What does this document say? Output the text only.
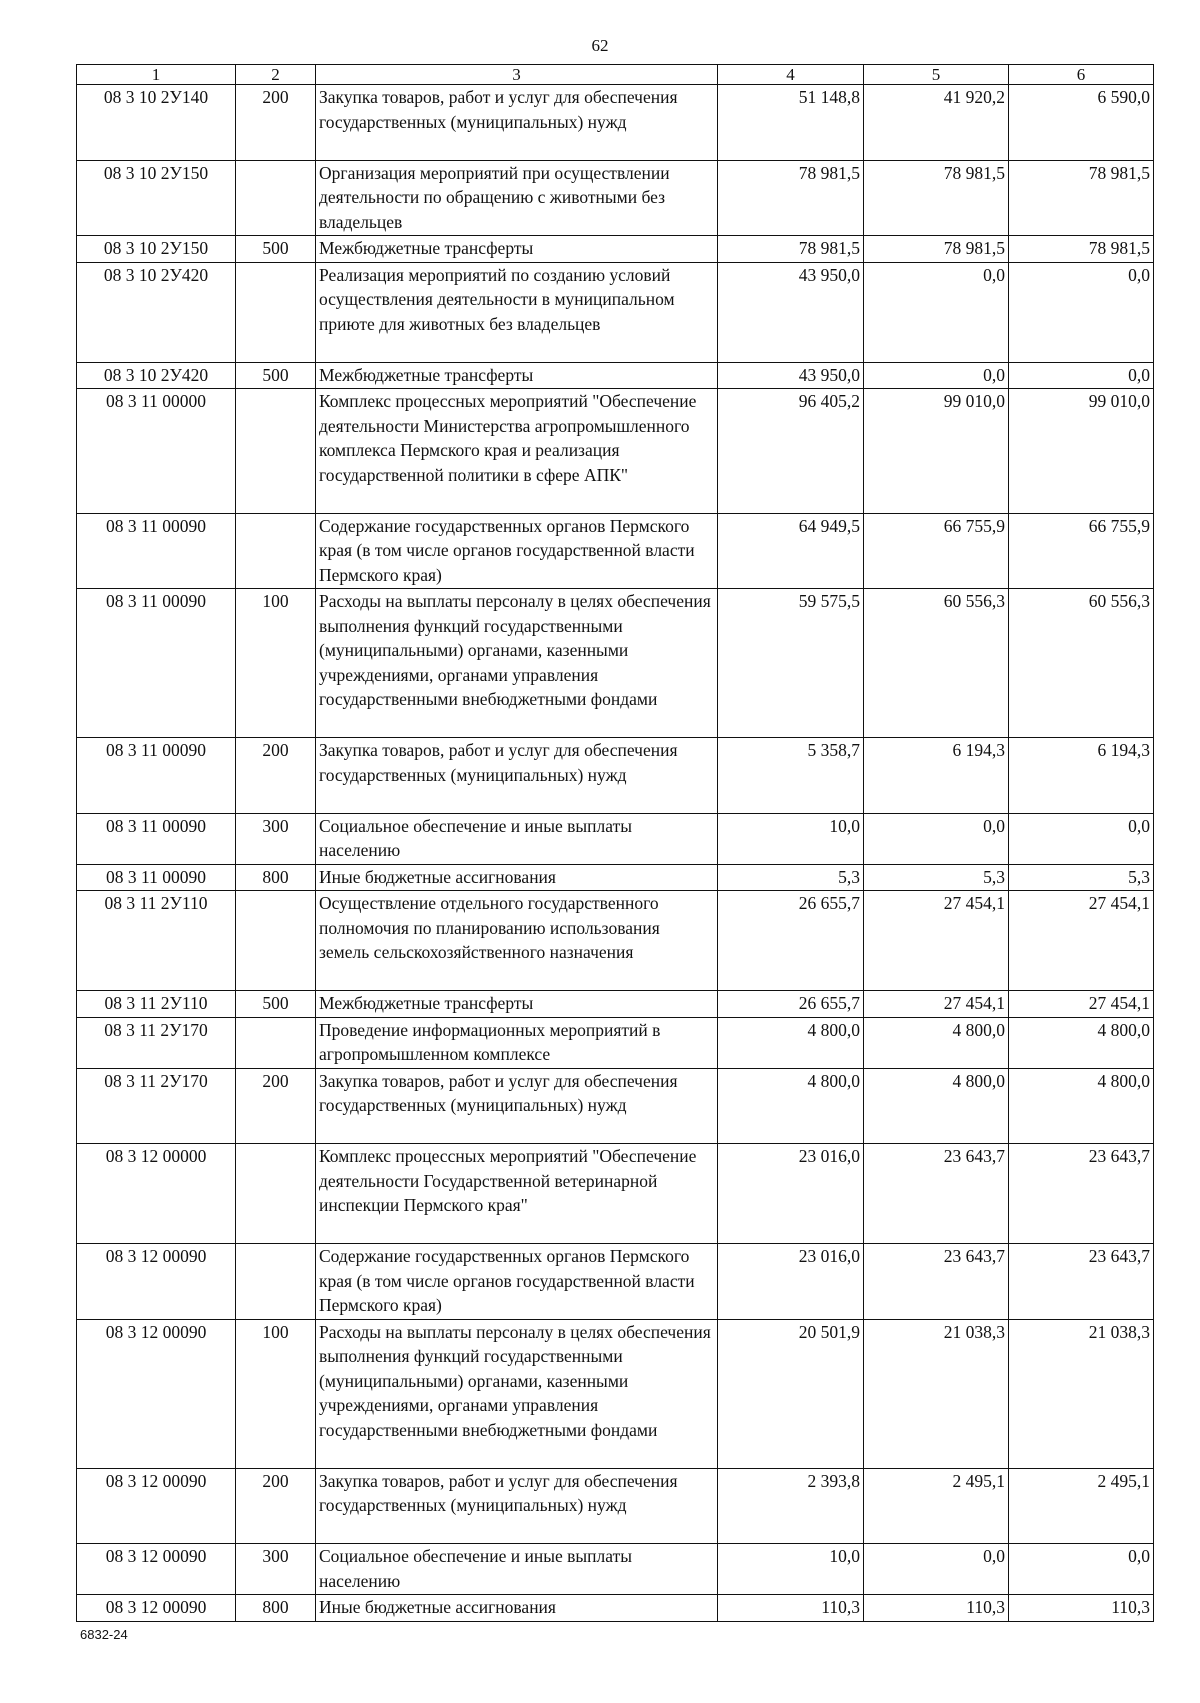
62
1	2	3	4	5	6
08 3 10 2У140	200	Закупка товаров, работ и услуг для обеспечения государственных (муниципальных) нужд	51 148,8	41 920,2	6 590,0
08 3 10 2У150		Организация мероприятий при осуществлении деятельности по обращению с животными без владельцев	78 981,5	78 981,5	78 981,5
08 3 10 2У150	500	Межбюджетные трансферты	78 981,5	78 981,5	78 981,5
08 3 10 2У420		Реализация мероприятий по созданию условий осуществления деятельности в муниципальном приюте для животных без владельцев	43 950,0	0,0	0,0
08 3 10 2У420	500	Межбюджетные трансферты	43 950,0	0,0	0,0
08 3 11 00000		Комплекс процессных мероприятий "Обеспечение деятельности Министерства агропромышленного комплекса Пермского края и реализация государственной политики в сфере АПК"	96 405,2	99 010,0	99 010,0
08 3 11 00090		Содержание государственных органов Пермского края (в том числе органов государственной власти Пермского края)	64 949,5	66 755,9	66 755,9
08 3 11 00090	100	Расходы на выплаты персоналу в целях обеспечения выполнения функций государственными (муниципальными) органами, казенными учреждениями, органами управления государственными внебюджетными фондами	59 575,5	60 556,3	60 556,3
08 3 11 00090	200	Закупка товаров, работ и услуг для обеспечения государственных (муниципальных) нужд	5 358,7	6 194,3	6 194,3
08 3 11 00090	300	Социальное обеспечение и иные выплаты населению	10,0	0,0	0,0
08 3 11 00090	800	Иные бюджетные ассигнования	5,3	5,3	5,3
08 3 11 2У110		Осуществление отдельного государственного полномочия по планированию использования земель сельскохозяйственного назначения	26 655,7	27 454,1	27 454,1
08 3 11 2У110	500	Межбюджетные трансферты	26 655,7	27 454,1	27 454,1
08 3 11 2У170		Проведение информационных мероприятий в агропромышленном комплексе	4 800,0	4 800,0	4 800,0
08 3 11 2У170	200	Закупка товаров, работ и услуг для обеспечения государственных (муниципальных) нужд	4 800,0	4 800,0	4 800,0
08 3 12 00000		Комплекс процессных мероприятий "Обеспечение деятельности Государственной ветеринарной инспекции Пермского края"	23 016,0	23 643,7	23 643,7
08 3 12 00090		Содержание государственных органов Пермского края (в том числе органов государственной власти Пермского края)	23 016,0	23 643,7	23 643,7
08 3 12 00090	100	Расходы на выплаты персоналу в целях обеспечения выполнения функций государственными (муниципальными) органами, казенными учреждениями, органами управления государственными внебюджетными фондами	20 501,9	21 038,3	21 038,3
08 3 12 00090	200	Закупка товаров, работ и услуг для обеспечения государственных (муниципальных) нужд	2 393,8	2 495,1	2 495,1
08 3 12 00090	300	Социальное обеспечение и иные выплаты населению	10,0	0,0	0,0
08 3 12 00090	800	Иные бюджетные ассигнования	110,3	110,3	110,3
6832-24
